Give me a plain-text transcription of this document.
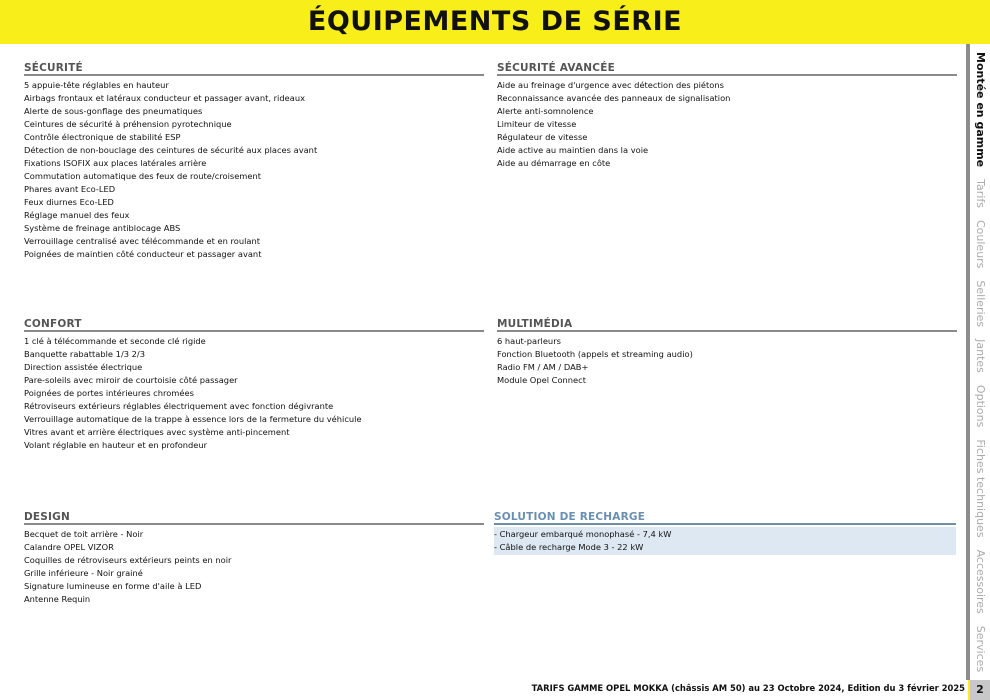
ÉQUIPEMENTS DE SÉRIE
SÉCURITÉ
5 appuie-tête réglables en hauteur
Airbags frontaux et latéraux conducteur et passager avant, rideaux
Alerte de sous-gonflage des pneumatiques
Ceintures de sécurité à préhension pyrotechnique
Contrôle électronique de stabilité ESP
Détection de non-bouclage des ceintures de sécurité aux places avant
Fixations ISOFIX aux places latérales arrière
Commutation automatique des feux de route/croisement
Phares avant Eco-LED
Feux diurnes Eco-LED
Réglage manuel des feux
Système de freinage antiblocage ABS
Verrouillage centralisé avec télécommande et en roulant
Poignées de maintien côté conducteur et passager avant
SÉCURITÉ AVANCÉE
Aide au freinage d'urgence avec détection des piétons
Reconnaissance avancée des panneaux de signalisation
Alerte anti-somnolence
Limiteur de vitesse
Régulateur de vitesse
Aide active au maintien dans la voie
Aide au démarrage en côte
CONFORT
1 clé à télécommande et seconde clé rigide
Banquette rabattable 1/3 2/3
Direction assistée électrique
Pare-soleils avec miroir de courtoisie côté passager
Poignées de portes intérieures chromées
Rétroviseurs extérieurs réglables électriquement avec fonction dégivrante
Verrouillage automatique de la trappe à essence lors de la fermeture du véhicule
Vitres avant et arrière électriques avec système anti-pincement
Volant réglable en hauteur et en profondeur
MULTIMÉDIA
6 haut-parleurs
Fonction Bluetooth (appels et streaming audio)
Radio FM / AM / DAB+
Module Opel Connect
DESIGN
Becquet de toit arrière - Noir
Calandre OPEL VIZOR
Coquilles de rétroviseurs extérieurs peints en noir
Grille inférieure - Noir grainé
Signature lumineuse en forme d'aile à LED
Antenne Requin
SOLUTION DE RECHARGE
- Chargeur embarqué monophasé - 7,4 kW
- Câble de recharge Mode 3 - 22 kW
Montée en gamme
Tarifs
Couleurs
Selleries
Jantes
Options
Fiches techniques
Accessoires
Services
TARIFS GAMME OPEL MOKKA (châssis AM 50) au 23 Octobre 2024, Edition du 3 février 2025	2
